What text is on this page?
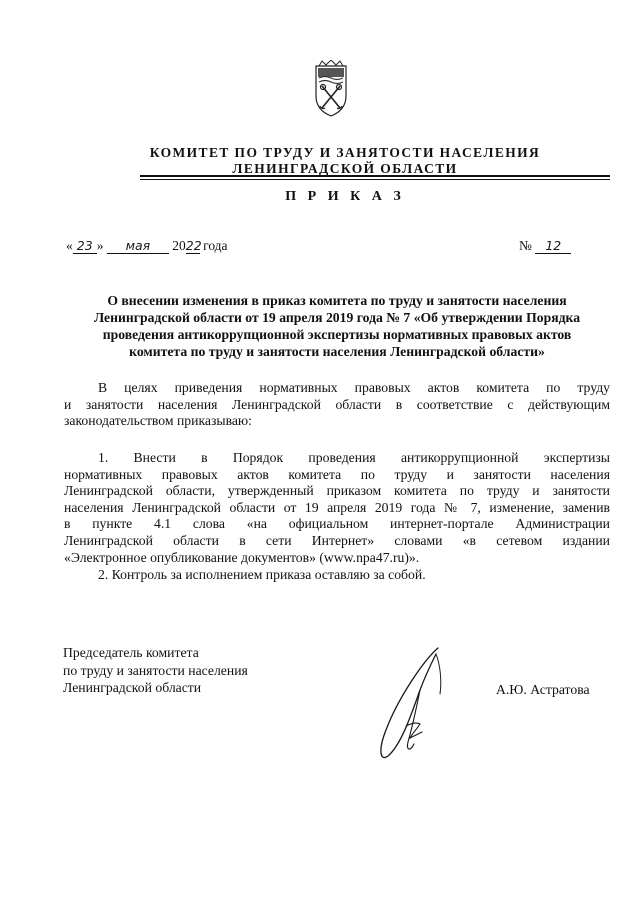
КОМИТЕТ ПО ТРУДУ И ЗАНЯТОСТИ НАСЕЛЕНИЯ
ЛЕНИНГРАДСКОЙ ОБЛАСТИ
П Р И К А З
« 23 » мая 2022 года	№ 12
О внесении изменения в приказ комитета по труду и занятости населения
Ленинградской области от 19 апреля 2019 года № 7 «Об утверждении Порядка
проведения антикоррупционной экспертизы нормативных правовых актов
комитета по труду и занятости населения Ленинградской области»
В целях приведения нормативных правовых актов комитета по труду
и занятости населения Ленинградской области в соответствие с действующим
законодательством приказываю:
1. Внести в Порядок проведения антикоррупционной экспертизы
нормативных правовых актов комитета по труду и занятости населения
Ленинградской области, утвержденный приказом комитета по труду и занятости
населения Ленинградской области от 19 апреля 2019 года № 7, изменение, заменив
в пункте 4.1 слова «на официальном интернет-портале Администрации
Ленинградской области в сети Интернет» словами «в сетевом издании
«Электронное опубликование документов» (www.npa47.ru)».
2. Контроль за исполнением приказа оставляю за собой.
Председатель комитета
по труду и занятости населения
Ленинградской области	А.Ю. Астратова
